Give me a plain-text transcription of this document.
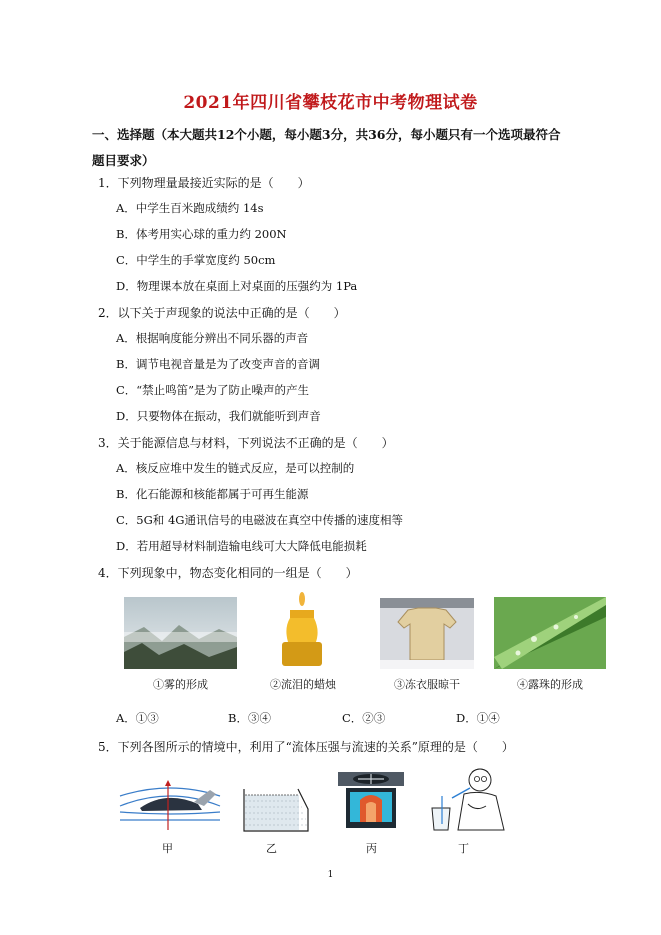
2021年四川省攀枝花市中考物理试卷
一、选择题（本大题共12个小题，每小题3分，共36分，每小题只有一个选项最符合题目要求）
1．下列物理量最接近实际的是（　　）
A．中学生百米跑成绩约 14s
B．体考用实心球的重力约 200N
C．中学生的手掌宽度约 50cm
D．物理课本放在桌面上对桌面的压强约为 1Pa
2．以下关于声现象的说法中正确的是（　　）
A．根据响度能分辨出不同乐器的声音
B．调节电视音量是为了改变声音的音调
C．“禁止鸣笛”是为了防止噪声的产生
D．只要物体在振动，我们就能听到声音
3．关于能源信息与材料，下列说法不正确的是（　　）
A．核反应堆中发生的链式反应，是可以控制的
B．化石能源和核能都属于可再生能源
C．5G和 4G通讯信号的电磁波在真空中传播的速度相等
D．若用超导材料制造输电线可大大降低电能损耗
4．下列现象中，物态变化相同的一组是（　　）
①雾的形成	②流泪的蜡烛	③冻衣服晾干	④露珠的形成
A．①③	B．③④	C．②③	D．①④
5．下列各图所示的情境中，利用了“流体压强与流速的关系”原理的是（　　）
甲	乙	丙	丁
1
